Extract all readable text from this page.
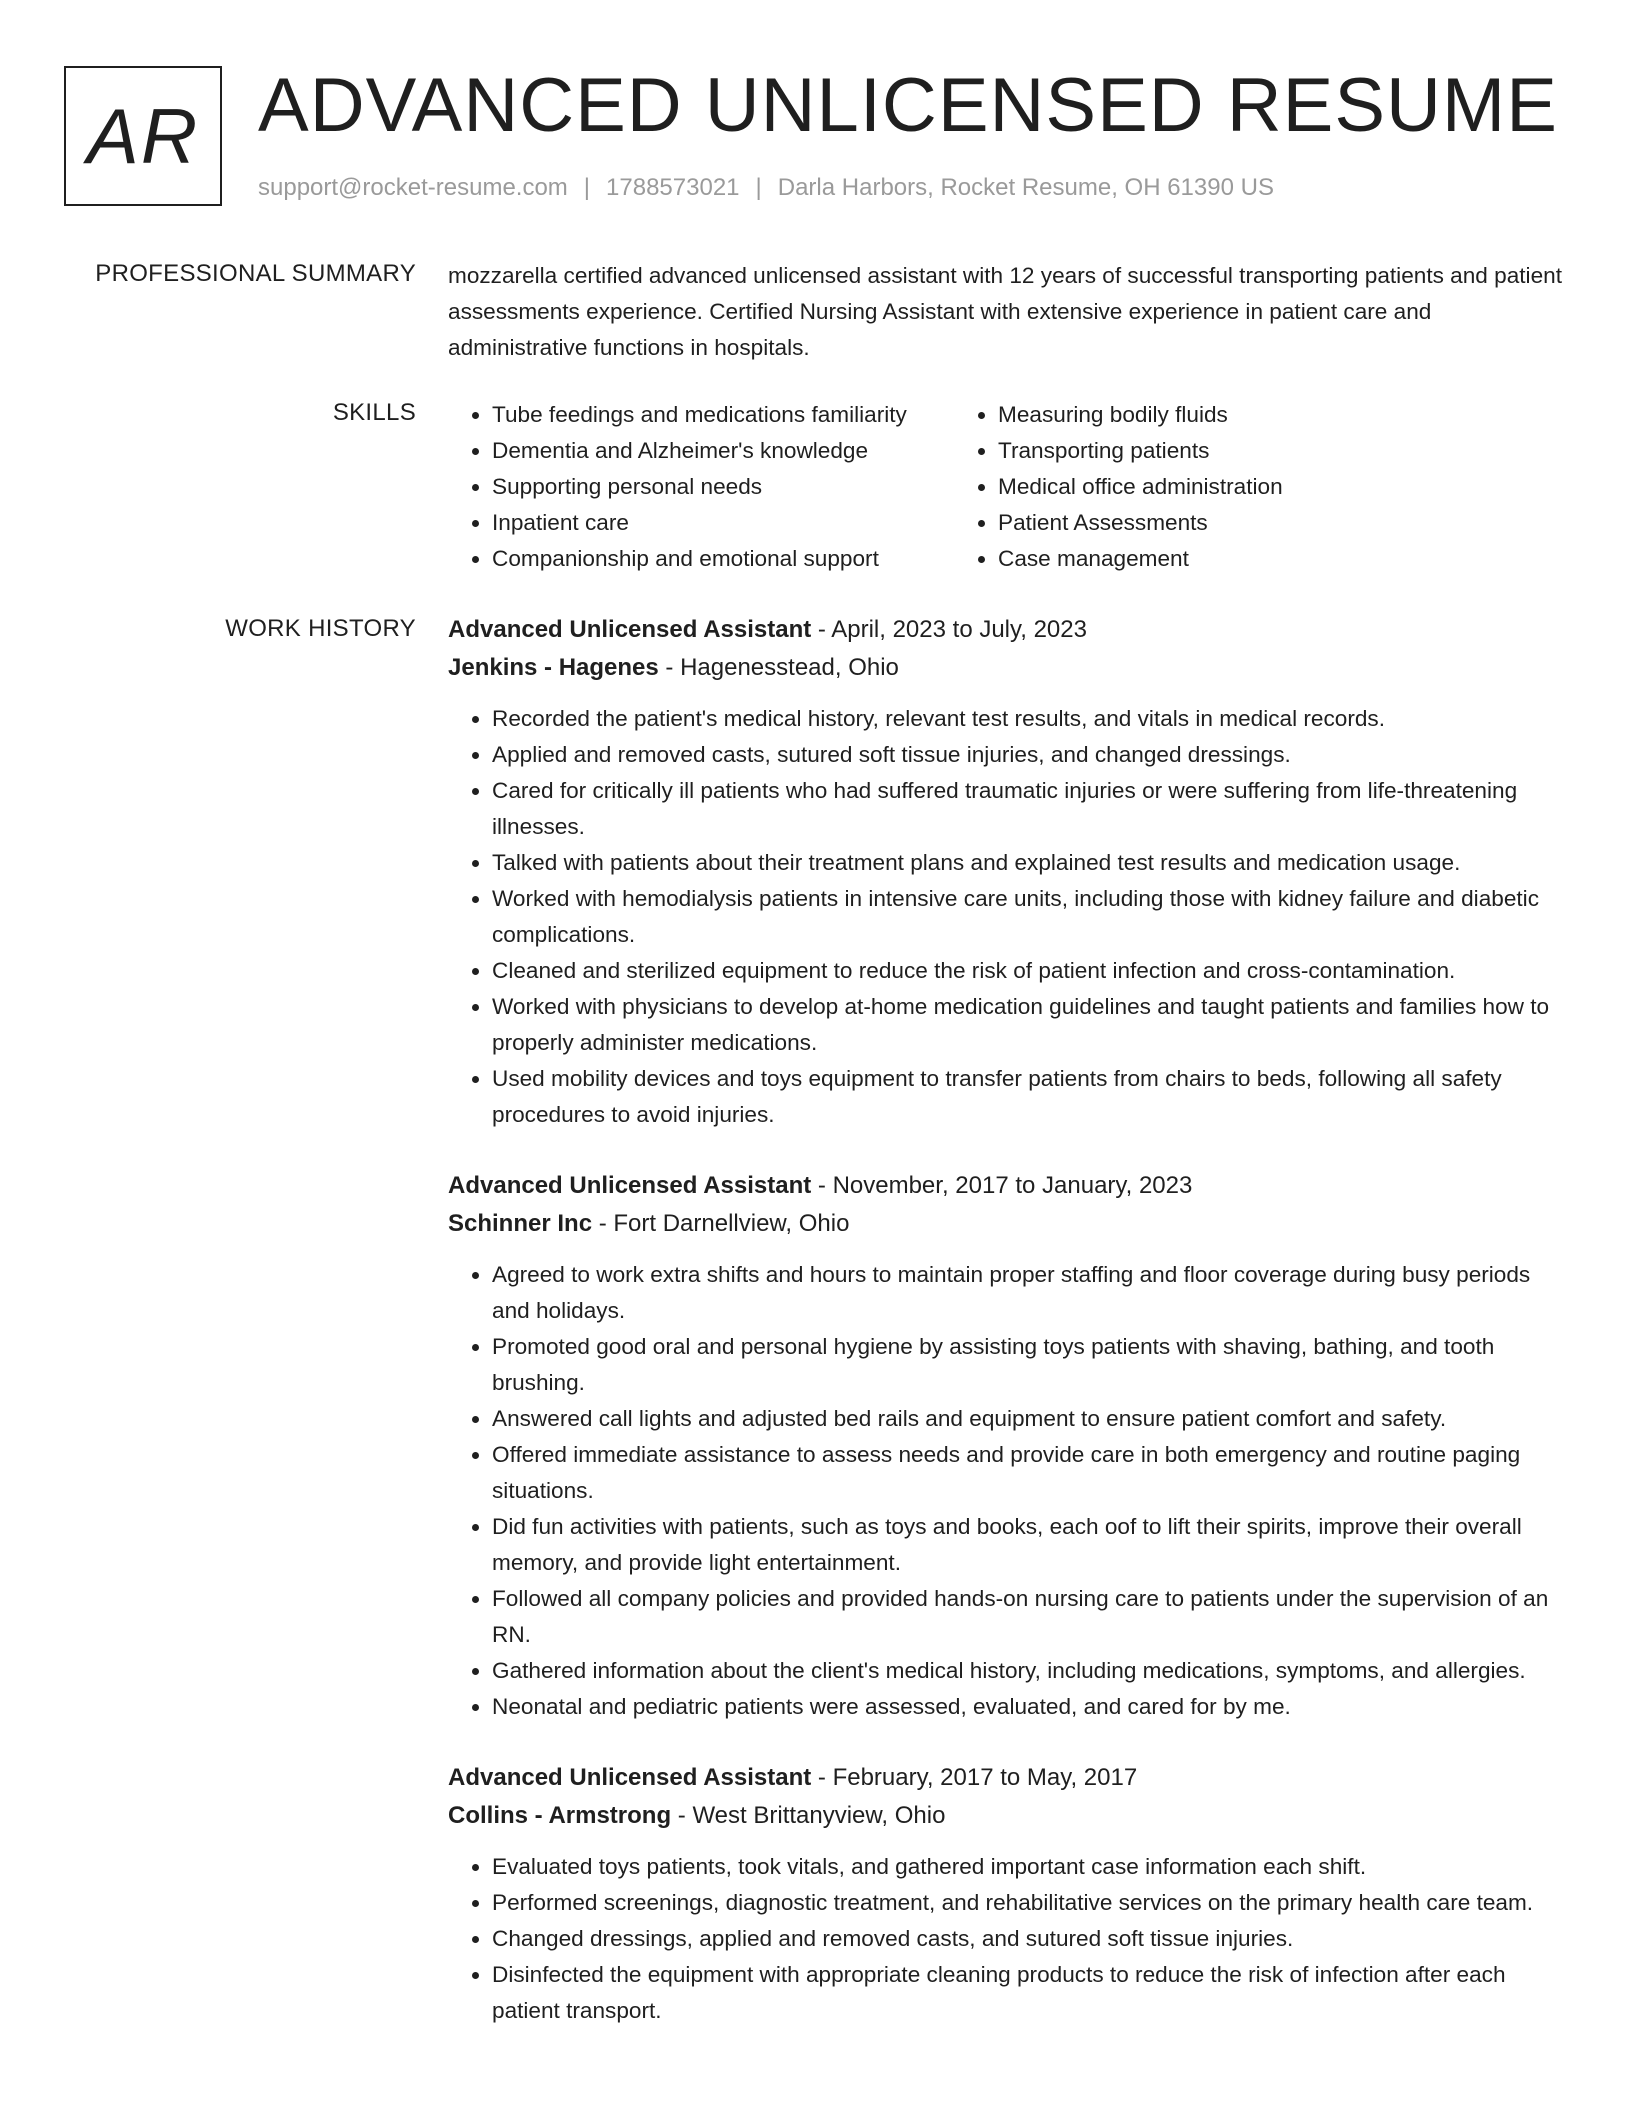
AR ADVANCED UNLICENSED RESUME
support@rocket-resume.com | 1788573021 | Darla Harbors, Rocket Resume, OH 61390 US
PROFESSIONAL SUMMARY mozzarella certified advanced unlicensed assistant with 12 years of successful transporting patients and patient assessments experience. Certified Nursing Assistant with extensive experience in patient care and administrative functions in hospitals.

SKILLS
•	Tube feedings and medications familiarity
• Dementia and Alzheimer's knowledge
• Supporting personal needs
• Inpatient care
• Companionship and emotional support
• Measuring bodily fluids
• Transporting patients
• Medical office administration
• Patient Assessments
• Case management
WORK HISTORY Advanced Unlicensed Assistant - April, 2023 to July, 2023
Jenkins - Hagenes - Hagenesstead, Ohio
• Recorded the patient's medical history, relevant test results, and vitals in medical records.
• Applied and removed casts, sutured soft tissue injuries, and changed dressings.
• Cared for critically ill patients who had suffered traumatic injuries or were suffering from life-threatening illnesses.
• Talked with patients about their treatment plans and explained test results and medication usage.
• Worked with hemodialysis patients in intensive care units, including those with kidney failure and diabetic complications.
• Cleaned and sterilized equipment to reduce the risk of patient infection and cross-contamination.
• Worked with physicians to develop at-home medication guidelines and taught patients and families how to properly administer medications.
• Used mobility devices and toys equipment to transfer patients from chairs to beds, following all safety procedures to avoid injuries.
Advanced Unlicensed Assistant - November, 2017 to January, 2023
Schinner Inc - Fort Darnellview, Ohio
• Agreed to work extra shifts and hours to maintain proper staffing and floor coverage during busy periods and holidays.
• Promoted good oral and personal hygiene by assisting toys patients with shaving, bathing, and tooth brushing.
• Answered call lights and adjusted bed rails and equipment to ensure patient comfort and safety.
• Offered immediate assistance to assess needs and provide care in both emergency and routine paging situations.
• Did fun activities with patients, such as toys and books, each oof to lift their spirits, improve their overall memory, and provide light entertainment.
• Followed all company policies and provided hands-on nursing care to patients under the supervision of an RN.
• Gathered information about the client's medical history, including medications, symptoms, and allergies.
• Neonatal and pediatric patients were assessed, evaluated, and cared for by me.
Advanced Unlicensed Assistant - February, 2017 to May, 2017
Collins - Armstrong - West Brittanyview, Ohio
• Evaluated toys patients, took vitals, and gathered important case information each shift.
• Performed screenings, diagnostic treatment, and rehabilitative services on the primary health care team.
• Changed dressings, applied and removed casts, and sutured soft tissue injuries.
• Disinfected the equipment with appropriate cleaning products to reduce the risk of infection after each patient transport.
